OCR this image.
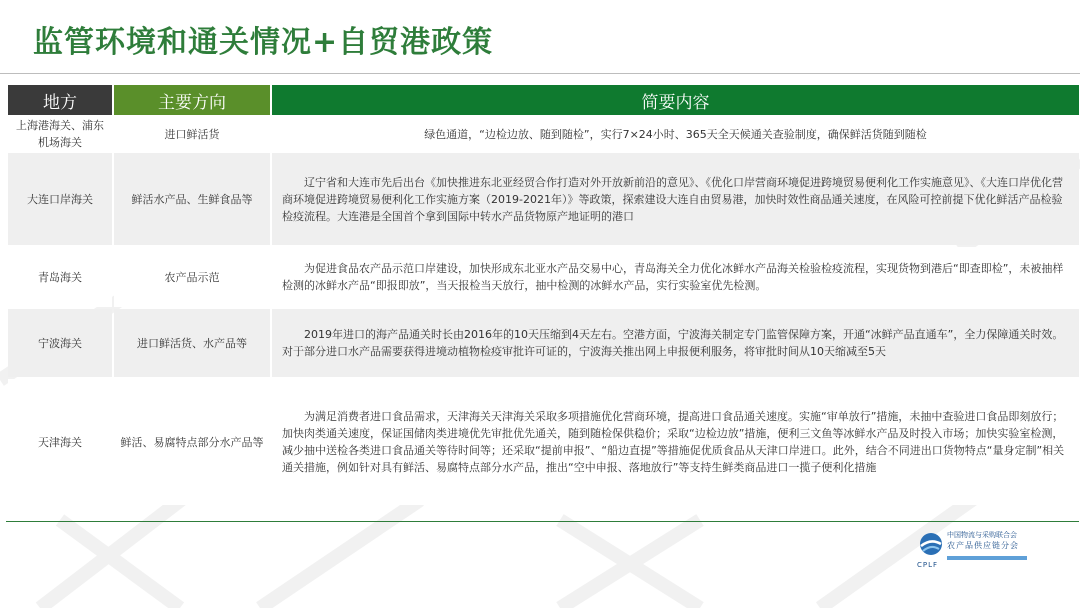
监管环境和通关情况+自贸港政策
地方	主要方向	简要内容
上海港海关、浦东机场海关	进口鲜活货	绿色通道，“边检边放、随到随检”，实行7×24小时、365天全天候通关查验制度，确保鲜活货随到随检
大连口岸海关	鲜活水产品、生鲜食品等	辽宁省和大连市先后出台《加快推进东北亚经贸合作打造对外开放新前沿的意见》、《优化口岸营商环境促进跨境贸易便利化工作实施意见》、《大连口岸优化营商环境促进跨境贸易便利化工作实施方案（2019-2021年）》等政策，探索建设大连自由贸易港，加快时效性商品通关速度，在风险可控前提下优化鲜活产品检验检疫流程。大连港是全国首个拿到国际中转水产品货物原产地证明的港口
青岛海关	农产品示范	为促进食品农产品示范口岸建设，加快形成东北亚水产品交易中心，青岛海关全力优化冰鲜水产品海关检验检疫流程，实现货物到港后“即查即检”，未被抽样检测的冰鲜水产品“即报即放”，当天报检当天放行，抽中检测的冰鲜水产品，实行实验室优先检测。
宁波海关	进口鲜活货、水产品等	2019年进口的海产品通关时长由2016年的10天压缩到4天左右。空港方面，宁波海关制定专门监管保障方案，开通“冰鲜产品直通车”，全力保障通关时效。对于部分进口水产品需要获得进境动植物检疫审批许可证的，宁波海关推出网上申报便利服务，将审批时间从10天缩减至5天
天津海关	鲜活、易腐特点部分水产品等	为满足消费者进口食品需求，天津海关天津海关采取多项措施优化营商环境，提高进口食品通关速度。实施“审单放行”措施，未抽中查验进口食品即刻放行；加快肉类通关速度，保证国储肉类进境优先审批优先通关，随到随检保供稳价；采取“边检边放”措施，便利三文鱼等冰鲜水产品及时投入市场；加快实验室检测，减少抽中送检各类进口食品通关等待时间等；还采取“提前申报”、“船边直提”等措施促优质食品从天津口岸进口。此外，结合不同进出口货物特点“量身定制”相关通关措施，例如针对具有鲜活、易腐特点部分水产品，推出“空中申报、落地放行”等支持生鲜类商品进口一揽子便利化措施
中国物流与采购联合会
农产品供应链分会
CPLF
